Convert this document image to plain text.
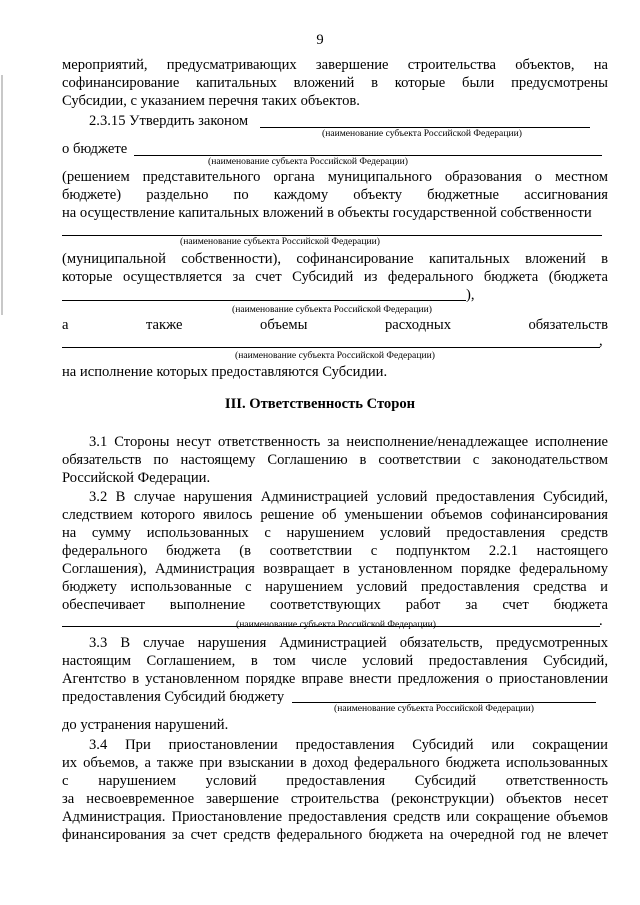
9
мероприятий, предусматривающих завершение строительства объектов, на
софинансирование капитальных вложений в которые были предусмотрены
Субсидии, с указанием перечня таких объектов.
2.3.15 Утвердить законом
(наименование субъекта Российской Федерации)
о бюджете
(наименование субъекта Российской Федерации)
(решением представительного органа муниципального образования о местном
бюджете) раздельно по каждому объекту бюджетные ассигнования
на осуществление капитальных вложений в объекты государственной собственности
(наименование субъекта Российской Федерации)
(муниципальной собственности), софинансирование капитальных вложений в
которые осуществляется за счет Субсидий из федерального бюджета (бюджета
),
(наименование субъекта Российской Федерации)
а также объемы расходных обязательств
,
(наименование субъекта Российской Федерации)
на исполнение которых предоставляются Субсидии.
III. Ответственность Сторон
3.1 Стороны несут ответственность за неисполнение/ненадлежащее исполнение
обязательств по настоящему Соглашению в соответствии с законодательством
Российской Федерации.
3.2 В случае нарушения Администрацией условий предоставления Субсидий,
следствием которого явилось решение об уменьшении объемов софинансирования
на сумму использованных с нарушением условий предоставления средств
федерального бюджета (в соответствии с подпунктом 2.2.1 настоящего
Соглашения), Администрация возвращает в установленном порядке федеральному
бюджету использованные с нарушением условий предоставления средства и
обеспечивает выполнение соответствующих работ за счет бюджета
.
(наименование субъекта Российской Федерации)
3.3 В случае нарушения Администрацией обязательств, предусмотренных
настоящим Соглашением, в том числе условий предоставления Субсидий,
Агентство в установленном порядке вправе внести предложения о приостановлении
предоставления Субсидий бюджету
(наименование субъекта Российской Федерации)
до устранения нарушений.
3.4 При приостановлении предоставления Субсидий или сокращении
их объемов, а также при взыскании в доход федерального бюджета использованных
с нарушением условий предоставления Субсидий ответственность
за несвоевременное завершение строительства (реконструкции) объектов несет
Администрация. Приостановление предоставления средств или сокращение объемов
финансирования за счет средств федерального бюджета на очередной год не влечет
